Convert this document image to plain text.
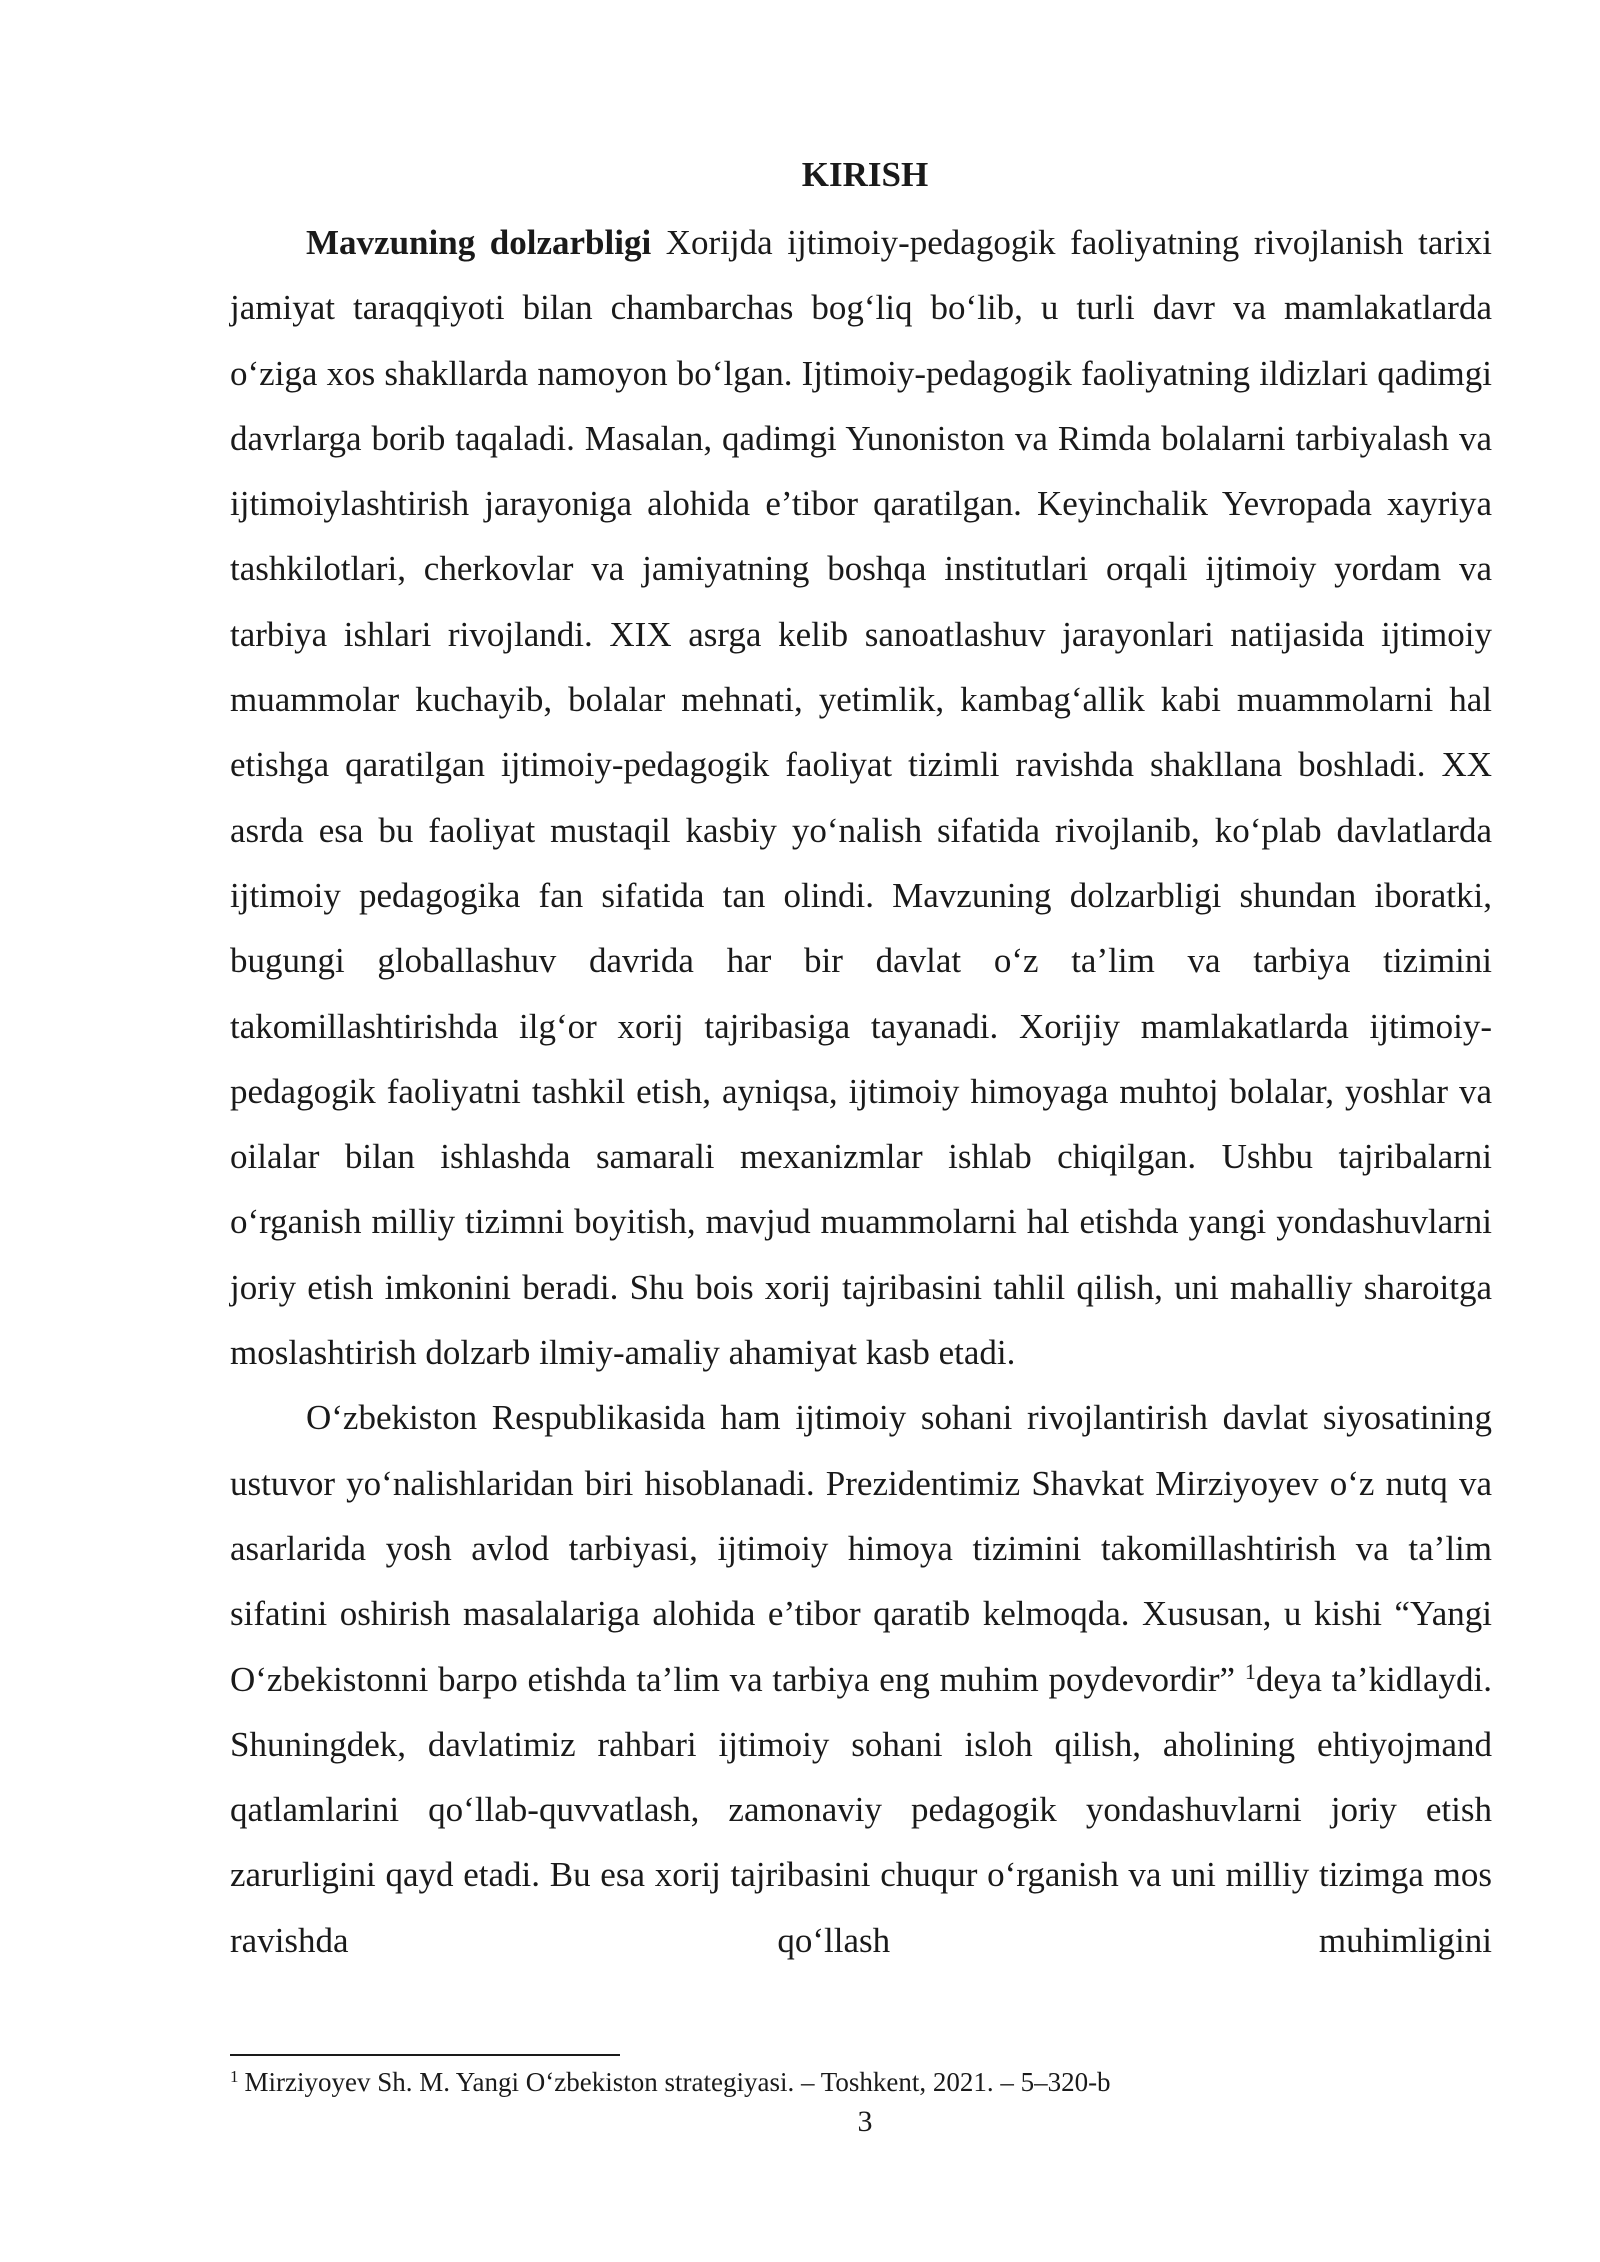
KIRISH

Mavzuning dolzarbligi Xorijda ijtimoiy-pedagogik faoliyatning rivojlanish tarixi jamiyat taraqqiyoti bilan chambarchas bog‘liq bo‘lib, u turli davr va mamlakatlarda o‘ziga xos shakllarda namoyon bo‘lgan. Ijtimoiy-pedagogik faoliyatning ildizlari qadimgi davrlarga borib taqaladi. Masalan, qadimgi Yunoniston va Rimda bolalarni tarbiyalash va ijtimoiylashtirish jarayoniga alohida e’tibor qaratilgan. Keyinchalik Yevropada xayriya tashkilotlari, cherkovlar va jamiyatning boshqa institutlari orqali ijtimoiy yordam va tarbiya ishlari rivojlandi. XIX asrga kelib sanoatlashuv jarayonlari natijasida ijtimoiy muammolar kuchayib, bolalar mehnati, yetimlik, kambag‘allik kabi muammolarni hal etishga qaratilgan ijtimoiy-pedagogik faoliyat tizimli ravishda shakllana boshladi. XX asrda esa bu faoliyat mustaqil kasbiy yo‘nalish sifatida rivojlanib, ko‘plab davlatlarda ijtimoiy pedagogika fan sifatida tan olindi. Mavzuning dolzarbligi shundan iboratki, bugungi globallashuv davrida har bir davlat o‘z ta’lim va tarbiya tizimini takomillashtirishda ilg‘or xorij tajribasiga tayanadi. Xorijiy mamlakatlarda ijtimoiy-pedagogik faoliyatni tashkil etish, ayniqsa, ijtimoiy himoyaga muhtoj bolalar, yoshlar va oilalar bilan ishlashda samarali mexanizmlar ishlab chiqilgan. Ushbu tajribalarni o‘rganish milliy tizimni boyitish, mavjud muammolarni hal etishda yangi yondashuvlarni joriy etish imkonini beradi. Shu bois xorij tajribasini tahlil qilish, uni mahalliy sharoitga moslashtirish dolzarb ilmiy-amaliy ahamiyat kasb etadi.

O‘zbekiston Respublikasida ham ijtimoiy sohani rivojlantirish davlat siyosatining ustuvor yo‘nalishlaridan biri hisoblanadi. Prezidentimiz Shavkat Mirziyoyev o‘z nutq va asarlarida yosh avlod tarbiyasi, ijtimoiy himoya tizimini takomillashtirish va ta’lim sifatini oshirish masalalariga alohida e’tibor qaratib kelmoqda. Xususan, u kishi “Yangi O‘zbekistonni barpo etishda ta’lim va tarbiya eng muhim poydevordir” $^1$deya ta’kidlaydi. Shuningdek, davlatimiz rahbari ijtimoiy sohani isloh qilish, aholining ehtiyojmand qatlamlarini qo‘llab-quvvatlash, zamonaviy pedagogik yondashuvlarni joriy etish zarurligini qayd etadi. Bu esa xorij tajribasini chuqur o‘rganish va uni milliy tizimga mos ravishda qo‘llash muhimligini

$^1$ Mirziyoyev Sh. M. Yangi O‘zbekiston strategiyasi. – Toshkent, 2021. – 5–320-b
3
